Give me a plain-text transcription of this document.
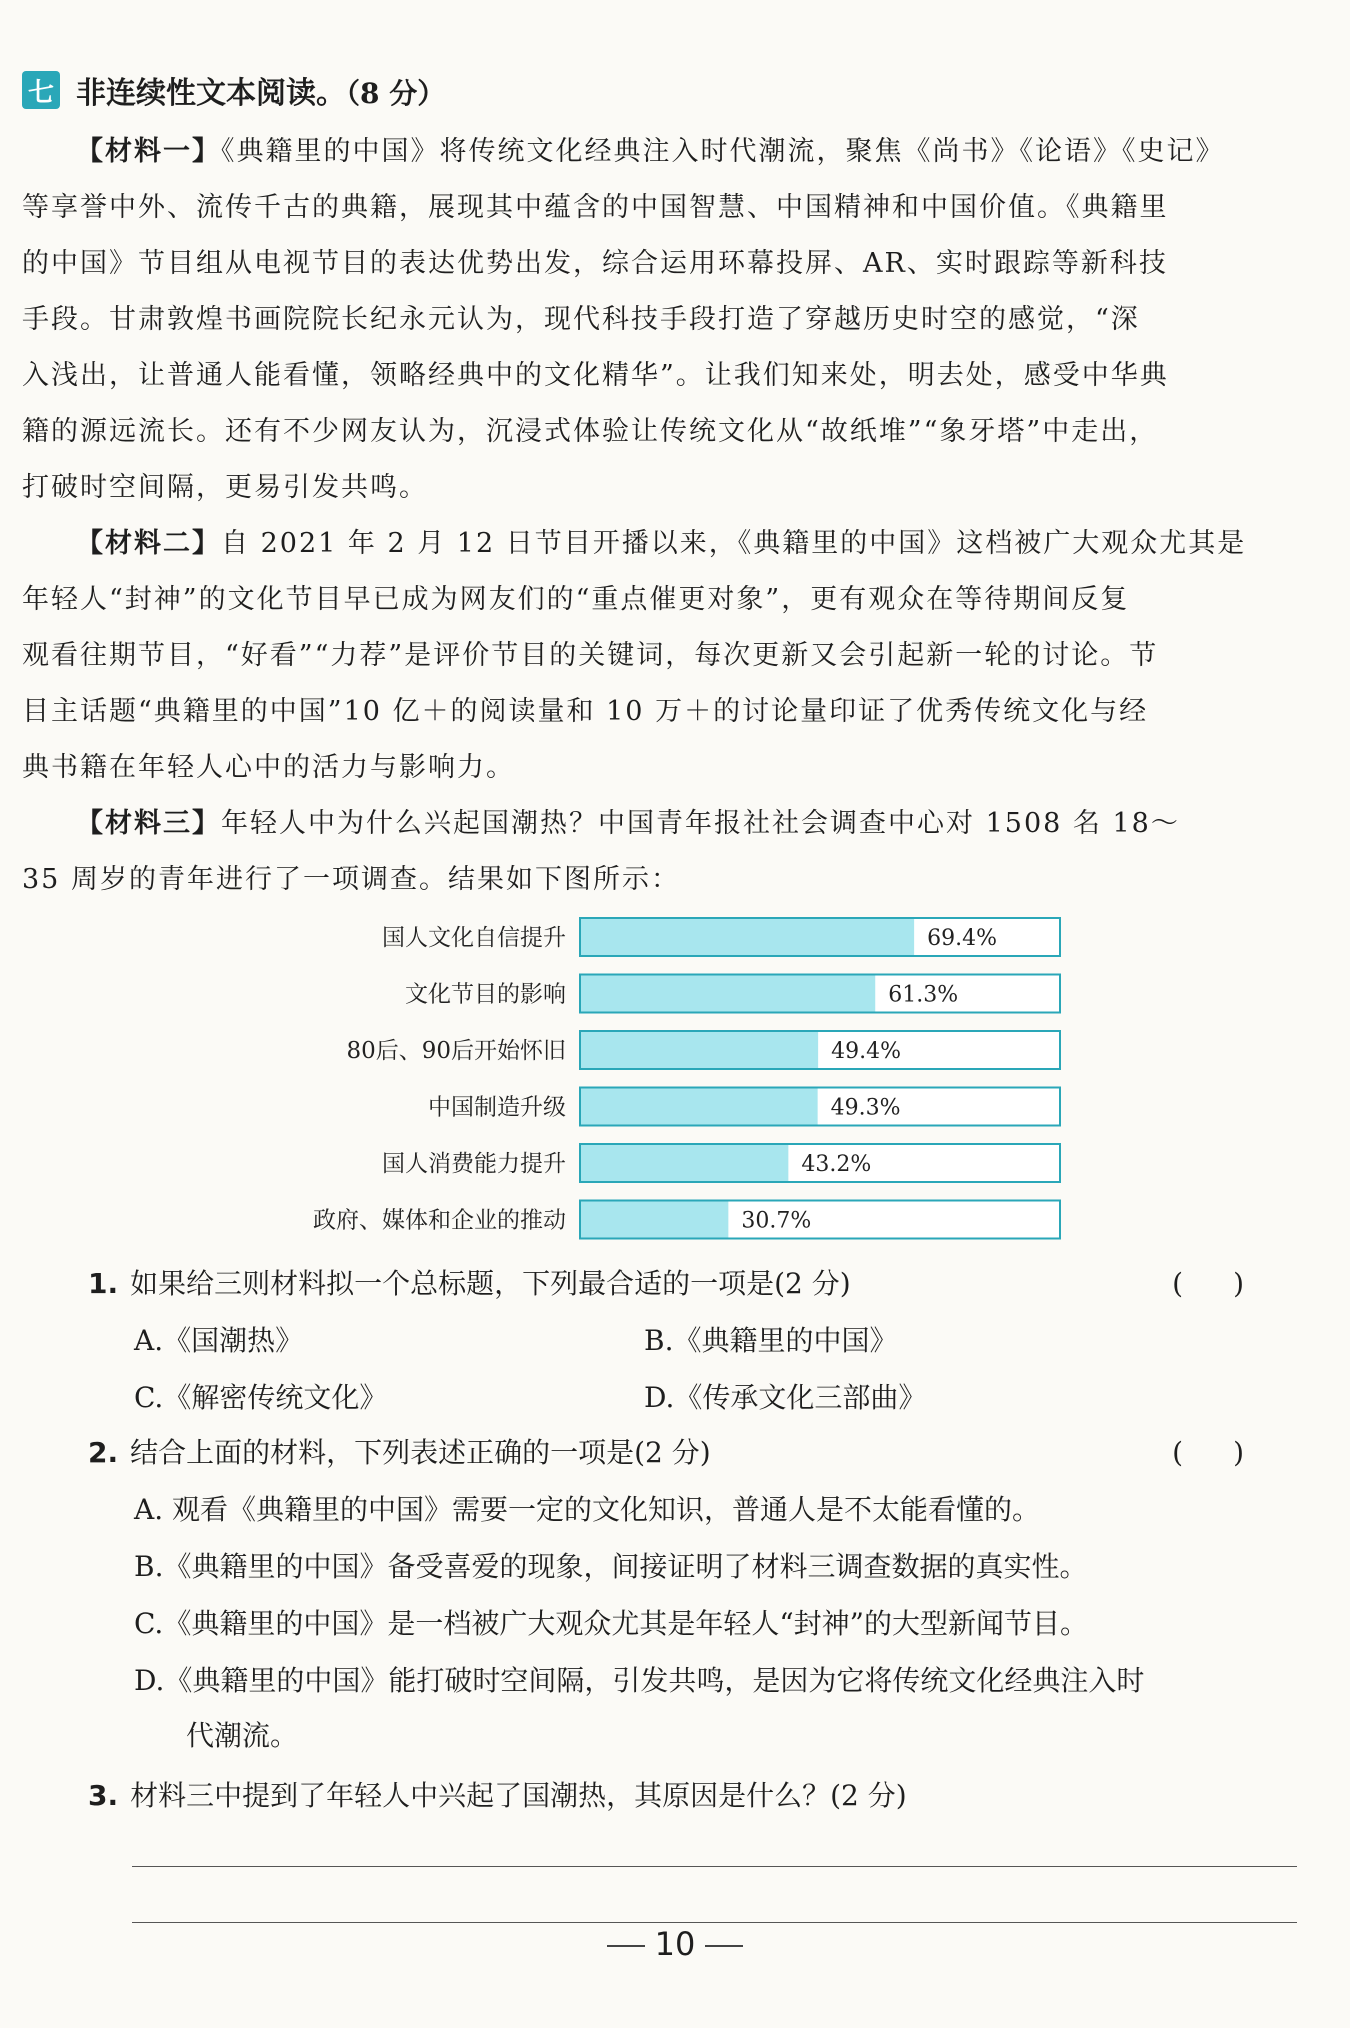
七 非连续性文本阅读。（8 分）
【材料一】《典籍里的中国》将传统文化经典注入时代潮流，聚焦《尚书》《论语》《史记》
等享誉中外、流传千古的典籍，展现其中蕴含的中国智慧、中国精神和中国价值。《典籍里
的中国》节目组从电视节目的表达优势出发，综合运用环幕投屏、AR、实时跟踪等新科技
手段。甘肃敦煌书画院院长纪永元认为，现代科技手段打造了穿越历史时空的感觉，“深
入浅出，让普通人能看懂，领略经典中的文化精华”。让我们知来处，明去处，感受中华典
籍的源远流长。还有不少网友认为，沉浸式体验让传统文化从“故纸堆”“象牙塔”中走出，
打破时空间隔，更易引发共鸣。
【材料二】自 2021 年 2 月 12 日节目开播以来，《典籍里的中国》这档被广大观众尤其是
年轻人“封神”的文化节目早已成为网友们的“重点催更对象”，更有观众在等待期间反复
观看往期节目，“好看”“力荐”是评价节目的关键词，每次更新又会引起新一轮的讨论。节
目主话题“典籍里的中国”10 亿＋的阅读量和 10 万＋的讨论量印证了优秀传统文化与经
典书籍在年轻人心中的活力与影响力。
【材料三】年轻人中为什么兴起国潮热？中国青年报社社会调查中心对 1508 名 18～
35 周岁的青年进行了一项调查。结果如下图所示：
国人文化自信提升	69.4%
文化节目的影响	61.3%
80后、90后开始怀旧	49.4%
中国制造升级	49.3%
国人消费能力提升	43.2%
政府、媒体和企业的推动	30.7%
1. 如果给三则材料拟一个总标题，下列最合适的一项是(2 分)	()
A.《国潮热》	B.《典籍里的中国》
C.《解密传统文化》	D.《传承文化三部曲》
2. 结合上面的材料，下列表述正确的一项是(2 分)	()
A. 观看《典籍里的中国》需要一定的文化知识，普通人是不太能看懂的。
B.《典籍里的中国》备受喜爱的现象，间接证明了材料三调查数据的真实性。
C.《典籍里的中国》是一档被广大观众尤其是年轻人“封神”的大型新闻节目。
D.《典籍里的中国》能打破时空间隔，引发共鸣，是因为它将传统文化经典注入时
代潮流。
3. 材料三中提到了年轻人中兴起了国潮热，其原因是什么？(2 分)
10
